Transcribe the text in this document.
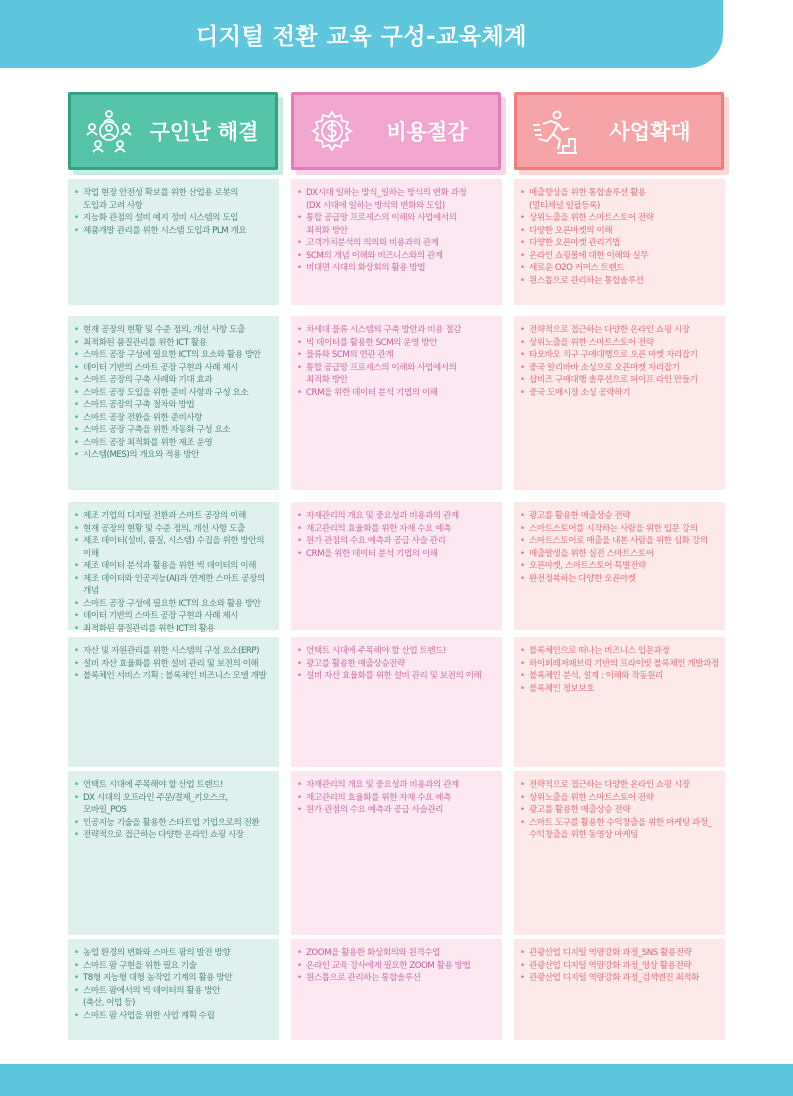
디지털 전환 교육 구성-교육체계
구인난 해결	비용절감	사업확대
• 작업 현장 안전성 확보를 위한 산업용 로봇의
도입과 고려 사항
• 지능화 관점의 설비 예지 정비 시스템의 도입
• 제품개발 관리를 위한 시스템 도입과 PLM 개요
• DX시대 일하는 방식_일하는 방식의 변화 과정
(DX 시대에 일하는 방식의 변화와 도입)
• 통합 공급망 프로세스의 이해와 사업에서의
최적화 방안
• 고객가치분석의 의의와 비용과의 관계
• SCM의 개념 이해와 비즈니스와의 관계
• 비대면 시대의 화상회의 활용 방법
• 매출향상을 위한 통합솔루션 활용
(멀티채널 일괄등록)
• 상위노출을 위한 스마트스토어 전략
• 다양한 오픈마켓의 이해
• 다양한 오픈마켓 관리기법
• 온라인 쇼핑몰에 대한 이해와 실무
• 새로운 O2O 커머스 트렌드
• 원스톱으로 관리하는 통합솔루션
• 현재 공장의 현황 및 수준 정의, 개선 사항 도출
• 최적화된 품질관리를 위한 ICT 활용
• 스마트 공장 구성에 필요한 ICT의 요소와 활용 방안
• 데이터 기반의 스마트 공장 구현과 사례 제시
• 스마트 공장의 구축 사례와 기대 효과
• 스마트 공장 도입을 위한 준비 사항과 구성 요소
• 스마트 공장의 구축 절차와 방법
• 스마트 공장 전환을 위한 준비사항
• 스마트 공장 구축을 위한 자동화 구성 요소
• 스마트 공장 최적화를 위한 제조 운영
• 시스템(MES)의 개요와 적용 방안
• 차세대 물류 시스템의 구축 방안과 비용 절감
• 빅 데이터를 활용한 SCM의 운영 방안
• 물류와 SCM의 연관 관계
• 통합 공급망 프로세스의 이해와 사업에서의
최적화 방안
• CRM을 위한 데이터 분석 기법의 이해
• 전략적으로 접근하는 다양한 온라인 쇼핑 시장
• 상위노출을 위한 스마트스토어 전략
• 타오바오 직구 구매대행으로 오픈 마켓 자리잡기
• 중국 알리바바 소싱으로 오픈마켓 자리잡기
• 샵비즈 구매대행 솔루션으로 파이프 라인 만들기
• 중국 도매시장 소싱 공략하기
• 제조 기업의 디지털 전환과 스마트 공장의 이해
• 현재 공장의 현황 및 수준 정의, 개선 사항 도출
• 제조 데이터(설비, 품질, 시스템) 수집을 위한 방안의 이해
• 제조 데이터 분석과 활용을 위한 빅 데이터의 이해
• 제조 데이터와 인공지능(AI)과 연계한 스마트 공장의 개념
• 스마트 공장 구성에 필요한 ICT의 요소와 활용 방안
• 데이터 기반의 스마트 공장 구현과 사례 제시
• 최적화된 품질관리를 위한 ICT의 활용
• 자재관리의 개요 및 중요성과 비용과의 관계
• 재고관리의 효율화를 위한 자재 수요 예측
• 원가 관점의 수요 예측과 공급 사슬 관리
• CRM을 위한 데이터 분석 기법의 이해
• 광고를 활용한 매출상승 전략
• 스마트스토어를 시작하는 사람을 위한 입문 강의
• 스마트스토어로 매출을 내본 사람을 위한 심화 강의
• 매출발생을 위한 실전 스마트스토어
• 오픈마켓, 스마트스토어 특별전략
• 완전정복하는 다양한 오픈마켓
• 자산 및 자원관리를 위한 시스템의 구성 요소(ERP)
• 설비 자산 효율화를 위한 설비 관리 및 보전의 이해
• 블록체인 서비스 기획 : 블록체인 비즈니스 모델 개발
• 언택트 시대에 주목해야 할 산업 트렌드!
• 광고를 활용한 매출상승전략
• 설비 자산 효율화를 위한 설비 관리 및 보전의 이해
• 블록체인으로 떠나는 비즈니스 입문과정
• 하이퍼레저패브릭 기반의 프라이빗 블록체인 개발과정
• 블록체인 분석, 설계 : 이해와 작동원리
• 블록체인 정보보호
• 언택트 시대에 주목해야 할 산업 트렌드!
• DX 시대의 오프라인 주문/결제_키오스크,
모바일_POS
• 인공지능 기술을 활용한 스타트업 기업으로의 전환
• 전략적으로 접근하는 다양한 온라인 쇼핑 시장
• 자재관리의 개요 및 중요성과 비용과의 관계
• 재고관리의 효율화를 위한 자재 수요 예측
• 원가 관점의 수요 예측과 공급 사슬관리
• 전략적으로 접근하는 다양한 온라인 쇼핑 시장
• 상위노출을 위한 스마트스토어 전략
• 광고를 활용한 매출상승 전략
• 스마트 도구를 활용한 수익창출을 위한 마케팅 과정_
수익창출을 위한 동영상 마케팅
• 농업 환경의 변화와 스마트 팜의 발전 방향
• 스마트 팜 구현을 위한 필요 기술
• T8형 지능형 대형 농작업 기계의 활용 방안
• 스마트 팜에서의 빅 데이터의 활용 방안
(축산, 어업 등)
• 스마트 팜 사업을 위한 사업 계획 수립
• ZOOM을 활용한 화상회의와 원격수업
• 온라인 교육 강사에게 필요한 ZOOM 활용 방법
• 원스톱으로 관리하는 통합솔루션
• 관광산업 디지털 역량강화 과정_SNS 활용전략
• 관광산업 디지털 역량강화 과정_영상 활용전략
• 관광산업 디지털 역량강화 과정_검색엔진 최적화
